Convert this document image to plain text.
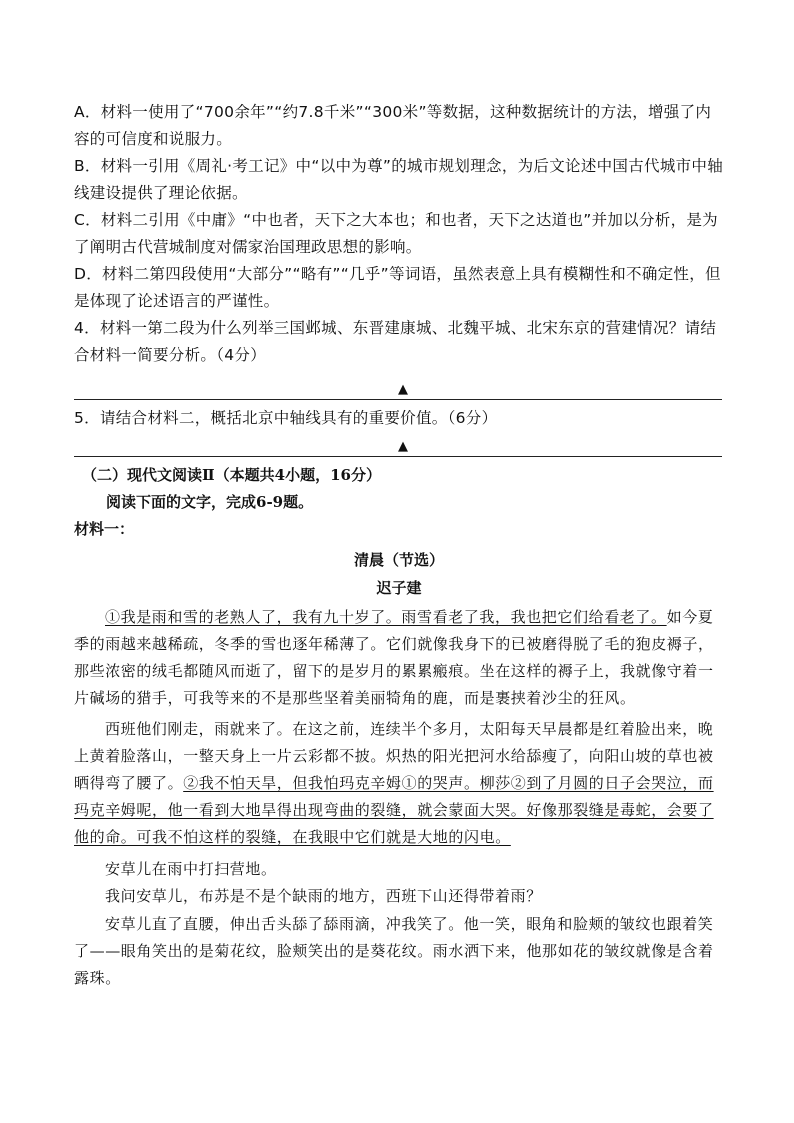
A．材料一使用了“700余年”“约7.8千米”“300米”等数据，这种数据统计的方法，增强了内容的可信度和说服力。
B．材料一引用《周礼·考工记》中“以中为尊”的城市规划理念，为后文论述中国古代城市中轴线建设提供了理论依据。
C．材料二引用《中庸》“中也者，天下之大本也；和也者，天下之达道也”并加以分析，是为了阐明古代营城制度对儒家治国理政思想的影响。
D．材料二第四段使用“大部分”“略有”“几乎”等词语，虽然表意上具有模糊性和不确定性，但是体现了论述语言的严谨性。
4．材料一第二段为什么列举三国邺城、东晋建康城、北魏平城、北宋东京的营建情况？请结合材料一简要分析。（4分）
▲
5．请结合材料二，概括北京中轴线具有的重要价值。（6分）
▲
（二）现代文阅读Ⅱ（本题共4小题，16分）
阅读下面的文字，完成6-9题。
材料一：
清晨（节选）
迟子建
①我是雨和雪的老熟人了，我有九十岁了。雨雪看老了我，我也把它们给看老了。如今夏季的雨越来越稀疏，冬季的雪也逐年稀薄了。它们就像我身下的已被磨得脱了毛的狍皮褥子，那些浓密的绒毛都随风而逝了，留下的是岁月的累累瘢痕。坐在这样的褥子上，我就像守着一片碱场的猎手，可我等来的不是那些坚着美丽犄角的鹿，而是裹挟着沙尘的狂风。
西班他们刚走，雨就来了。在这之前，连续半个多月，太阳每天早晨都是红着脸出来，晚上黄着脸落山，一整天身上一片云彩都不披。炽热的阳光把河水给舔瘦了，向阳山坡的草也被晒得弯了腰了。②我不怕天旱，但我怕玛克辛姆①的哭声。柳莎②到了月圆的日子会哭泣，而玛克辛姆呢，他一看到大地旱得出现弯曲的裂缝，就会蒙面大哭。好像那裂缝是毒蛇，会要了他的命。可我不怕这样的裂缝，在我眼中它们就是大地的闪电。
安草儿在雨中打扫营地。
我问安草儿，布苏是不是个缺雨的地方，西班下山还得带着雨？
安草儿直了直腰，伸出舌头舔了舔雨滴，冲我笑了。他一笑，眼角和脸颊的皱纹也跟着笑了——眼角笑出的是菊花纹，脸颊笑出的是葵花纹。雨水洒下来，他那如花的皱纹就像是含着露珠。
